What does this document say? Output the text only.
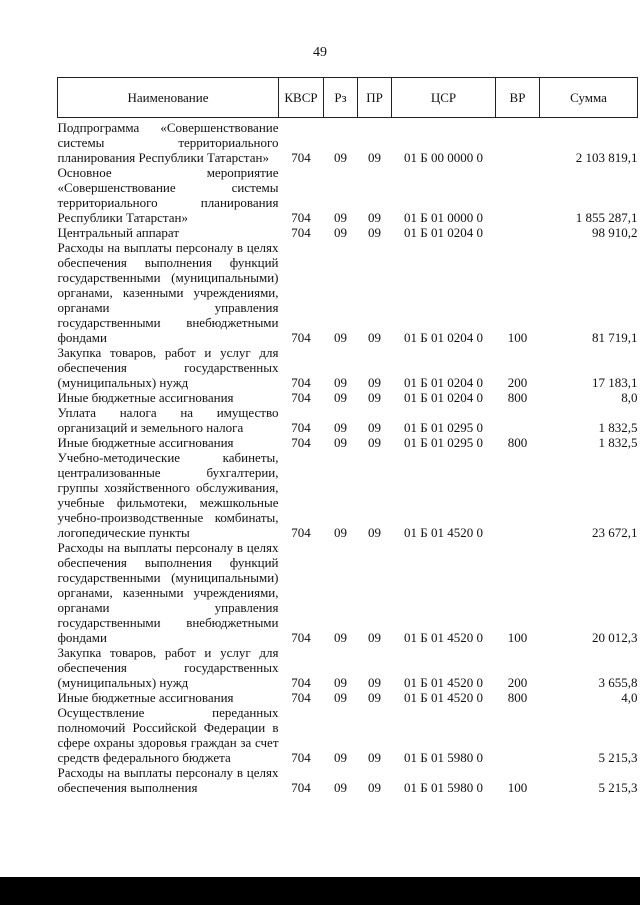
49
Наименование	КВСР	Рз	ПР	ЦСР	ВР	Сумма
Подпрограмма «Совершенствование системы территориального планирования Республики Татарстан»	704	09	09	01 Б 00 0000 0		2 103 819,1
Основное мероприятие «Совершенствование системы территориального планирования Республики Татарстан»	704	09	09	01 Б 01 0000 0		1 855 287,1
Центральный аппарат	704	09	09	01 Б 01 0204 0		98 910,2
Расходы на выплаты персоналу в целях обеспечения выполнения функций государственными (муниципальными) органами, казенными учреждениями, органами управления государственными внебюджетными фондами	704	09	09	01 Б 01 0204 0	100	81 719,1
Закупка товаров, работ и услуг для обеспечения государственных (муниципальных) нужд	704	09	09	01 Б 01 0204 0	200	17 183,1
Иные бюджетные ассигнования	704	09	09	01 Б 01 0204 0	800	8,0
Уплата налога на имущество организаций и земельного налога	704	09	09	01 Б 01 0295 0		1 832,5
Иные бюджетные ассигнования	704	09	09	01 Б 01 0295 0	800	1 832,5
Учебно-методические кабинеты, централизованные бухгалтерии, группы хозяйственного обслуживания, учебные фильмотеки, межшкольные учебно-производственные комбинаты, логопедические пункты	704	09	09	01 Б 01 4520 0		23 672,1
Расходы на выплаты персоналу в целях обеспечения выполнения функций государственными (муниципальными) органами, казенными учреждениями, органами управления государственными внебюджетными фондами	704	09	09	01 Б 01 4520 0	100	20 012,3
Закупка товаров, работ и услуг для обеспечения государственных (муниципальных) нужд	704	09	09	01 Б 01 4520 0	200	3 655,8
Иные бюджетные ассигнования	704	09	09	01 Б 01 4520 0	800	4,0
Осуществление переданных полномочий Российской Федерации в сфере охраны здоровья граждан за счет средств федерального бюджета	704	09	09	01 Б 01 5980 0		5 215,3
Расходы на выплаты персоналу в целях обеспечения выполнения	704	09	09	01 Б 01 5980 0	100	5 215,3
